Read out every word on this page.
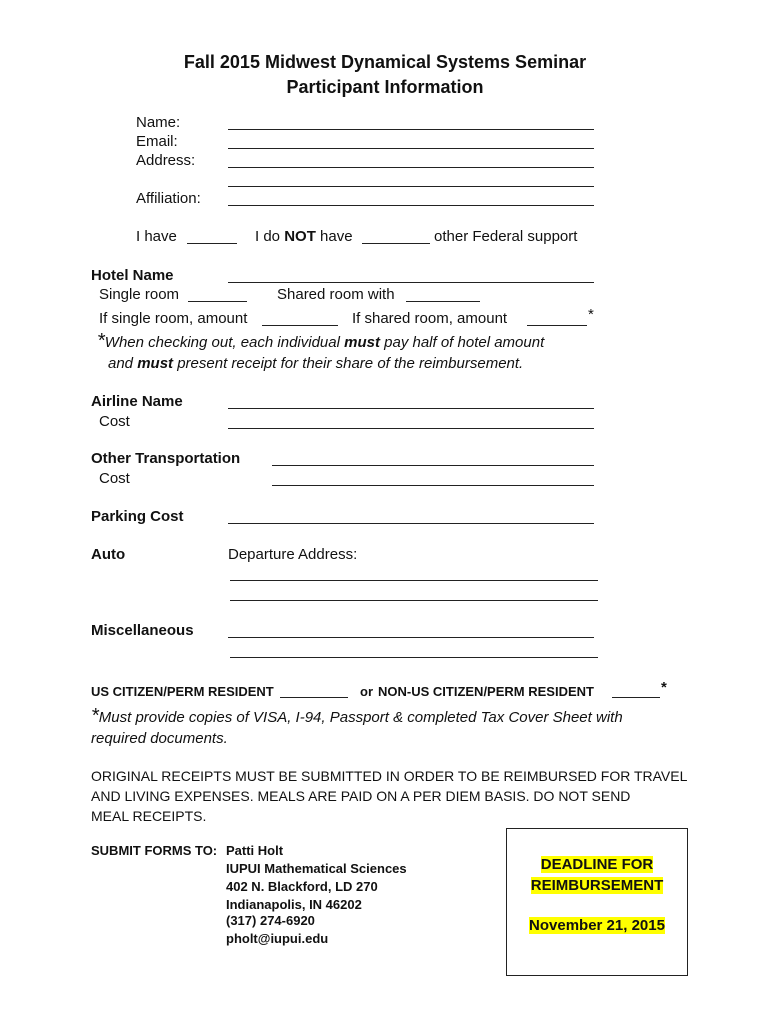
Fall 2015 Midwest Dynamical Systems Seminar
Participant Information
Name:
Email:
Address:
Affiliation:
I have	I do NOT have	other Federal support
Hotel Name
Single room	Shared room with
If single room, amount	If shared room, amount	*
*When checking out, each individual must pay half of hotel amount
and must present receipt for their share of the reimbursement.
Airline Name
Cost
Other Transportation
Cost
Parking Cost
Auto	Departure Address:
Miscellaneous
US CITIZEN/PERM RESIDENT	or NON-US CITIZEN/PERM RESIDENT	*
*Must provide copies of VISA, I-94, Passport & completed Tax Cover Sheet with
required documents.
ORIGINAL RECEIPTS MUST BE SUBMITTED IN ORDER TO BE REIMBURSED FOR TRAVEL
AND LIVING EXPENSES. MEALS ARE PAID ON A PER DIEM BASIS. DO NOT SEND
MEAL RECEIPTS.
SUBMIT FORMS TO: Patti Holt
IUPUI Mathematical Sciences
402 N. Blackford, LD 270
Indianapolis, IN 46202
(317) 274-6920
pholt@iupui.edu
DEADLINE FOR
REIMBURSEMENT
November 21, 2015
